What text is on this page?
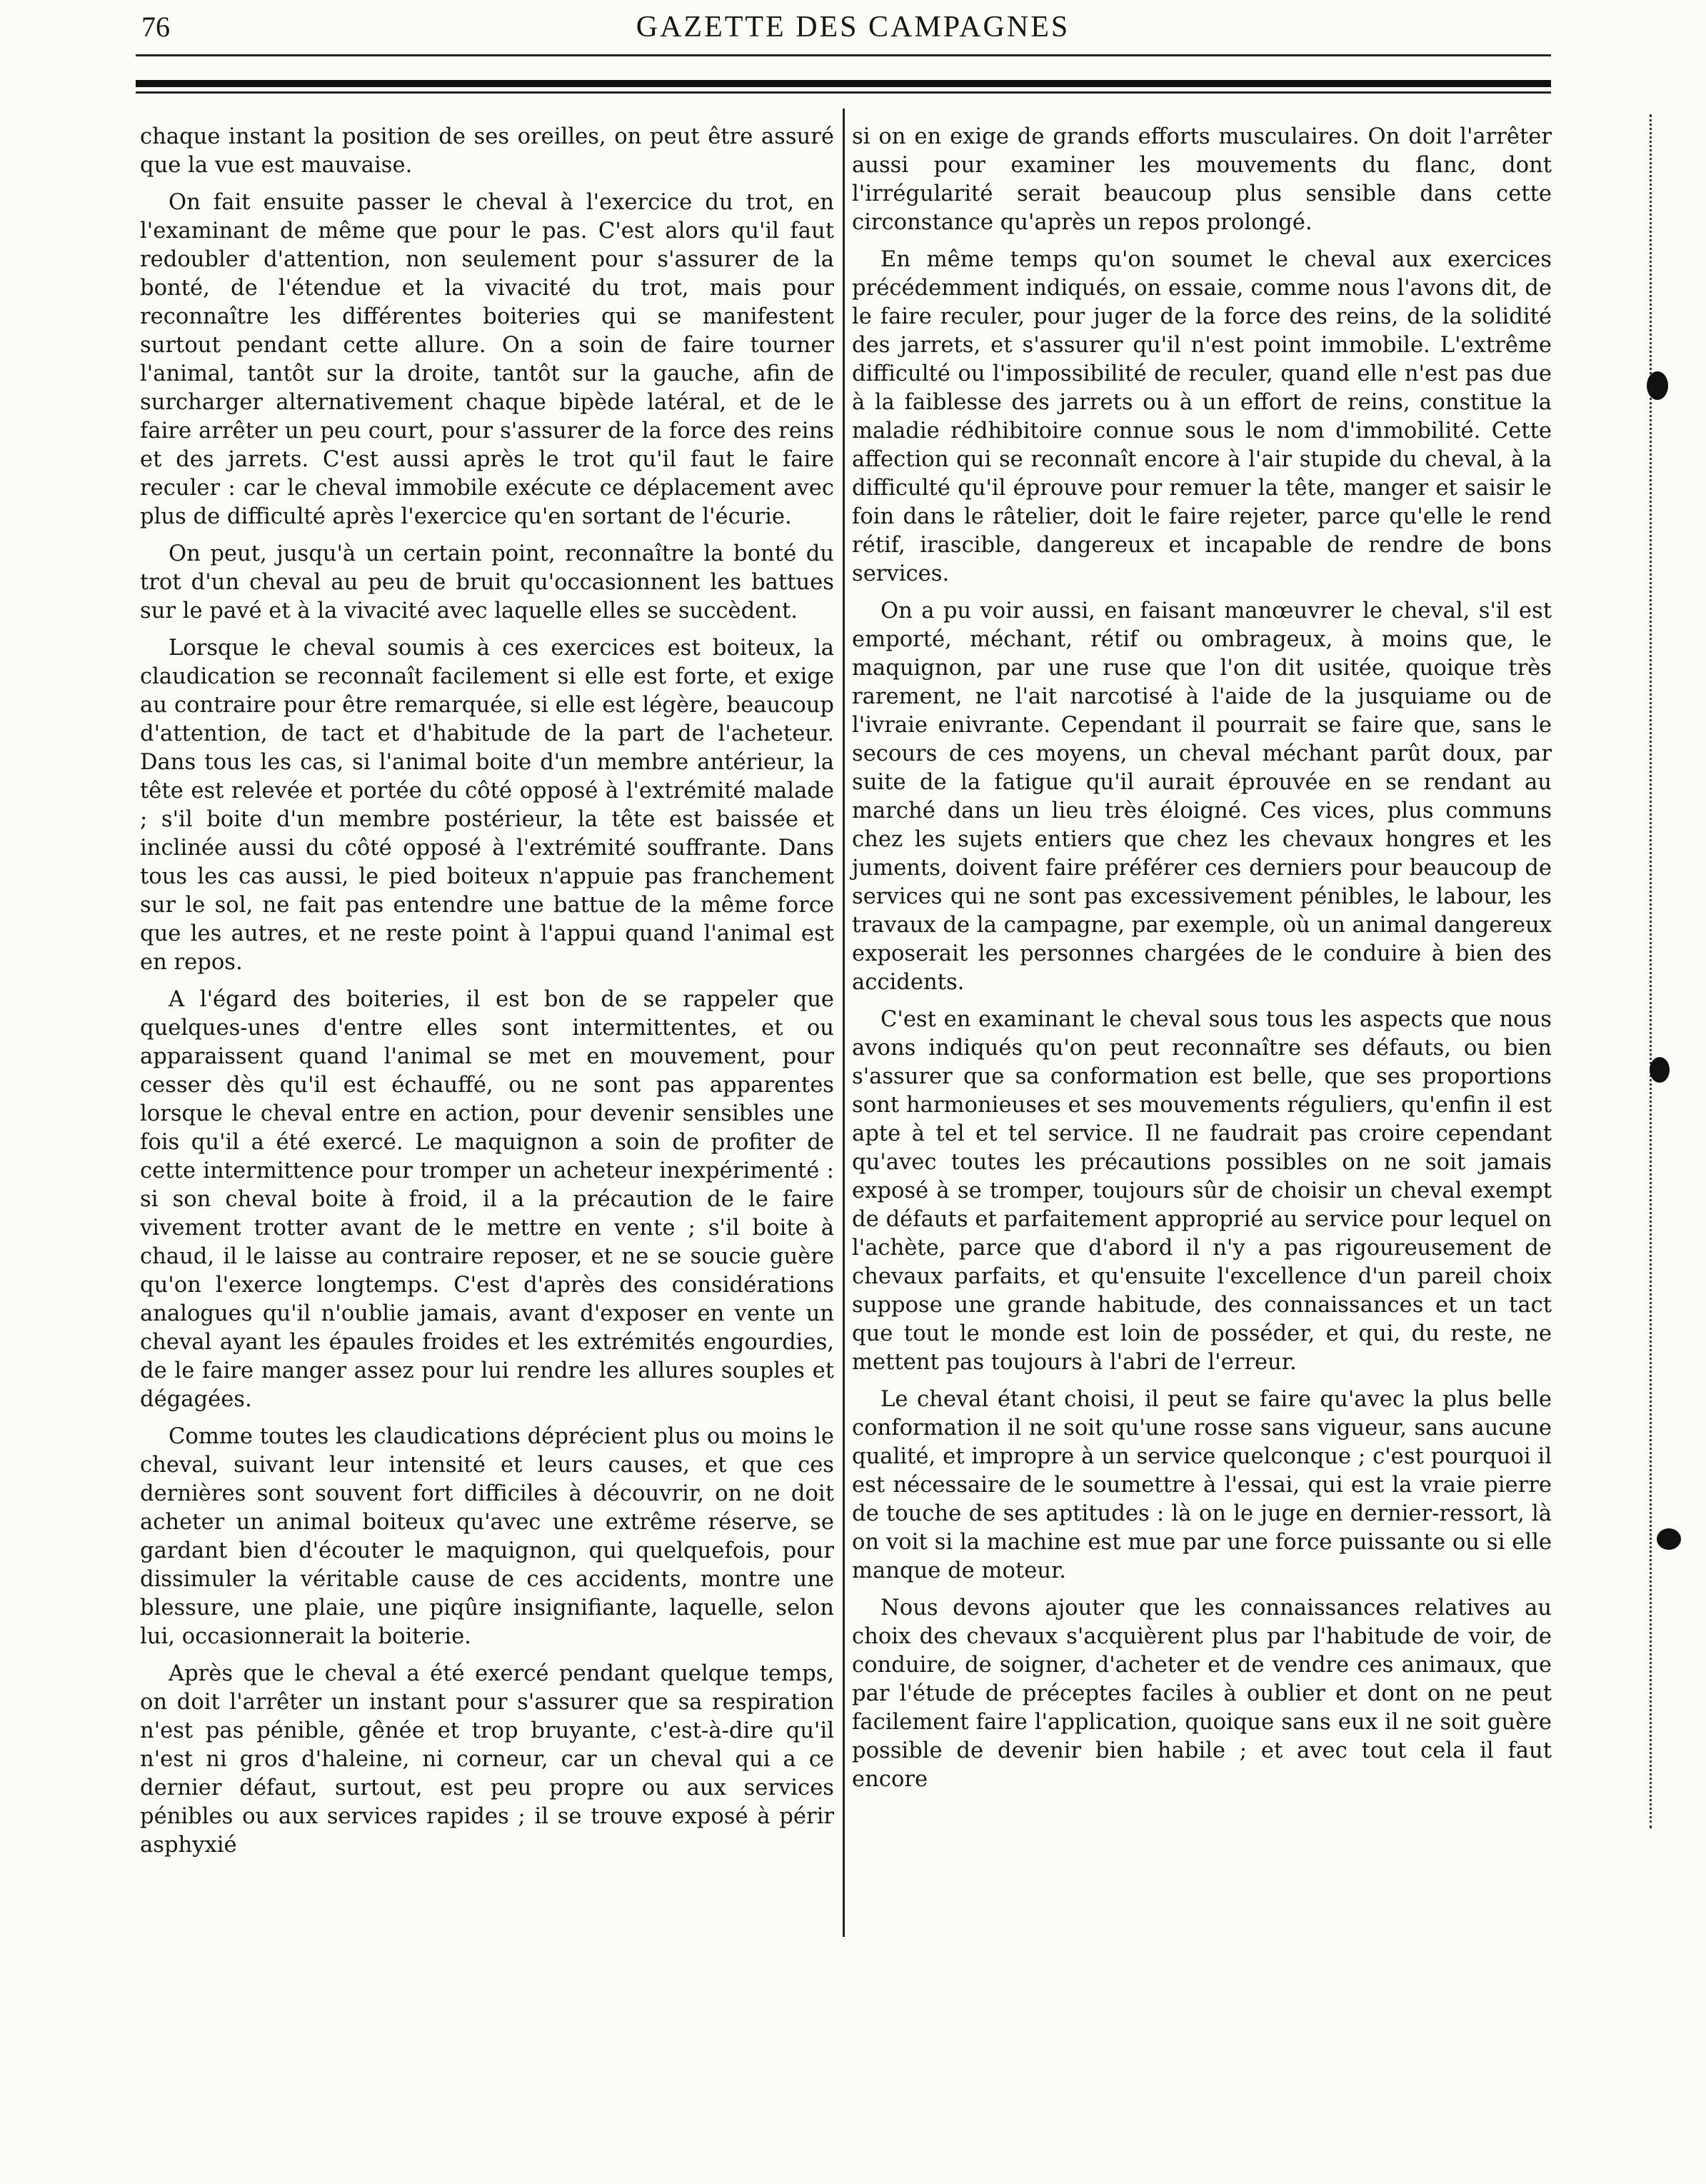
76	GAZETTE DES CAMPAGNES

chaque instant la position de ses oreilles, on peut être assuré que la vue est mauvaise.

On fait ensuite passer le cheval à l'exercice du trot, en l'examinant de même que pour le pas. C'est alors qu'il faut redoubler d'attention, non seulement pour s'assurer de la bonté, de l'étendue et la vivacité du trot, mais pour reconnaître les différentes boiteries qui se manifestent surtout pendant cette allure. On a soin de faire tourner l'animal, tantôt sur la droite, tantôt sur la gauche, afin de surcharger alternativement chaque bipède latéral, et de le faire arrêter un peu court, pour s'assurer de la force des reins et des jarrets. C'est aussi après le trot qu'il faut le faire reculer : car le cheval immobile exécute ce déplacement avec plus de difficulté après l'exercice qu'en sortant de l'écurie.

On peut, jusqu'à un certain point, reconnaître la bonté du trot d'un cheval au peu de bruit qu'occasionnent les battues sur le pavé et à la vivacité avec laquelle elles se succèdent.

Lorsque le cheval soumis à ces exercices est boiteux, la claudication se reconnaît facilement si elle est forte, et exige au contraire pour être remarquée, si elle est légère, beaucoup d'attention, de tact et d'habitude de la part de l'acheteur. Dans tous les cas, si l'animal boite d'un membre antérieur, la tête est relevée et portée du côté opposé à l'extrémité malade ; s'il boite d'un membre postérieur, la tête est baissée et inclinée aussi du côté opposé à l'extrémité souffrante. Dans tous les cas aussi, le pied boiteux n'appuie pas franchement sur le sol, ne fait pas entendre une battue de la même force que les autres, et ne reste point à l'appui quand l'animal est en repos.

A l'égard des boiteries, il est bon de se rappeler que quelques-unes d'entre elles sont intermittentes, et ou apparaissent quand l'animal se met en mouvement, pour cesser dès qu'il est échauffé, ou ne sont pas apparentes lorsque le cheval entre en action, pour devenir sensibles une fois qu'il a été exercé. Le maquignon a soin de profiter de cette intermittence pour tromper un acheteur inexpérimenté : si son cheval boite à froid, il a la précaution de le faire vivement trotter avant de le mettre en vente ; s'il boite à chaud, il le laisse au contraire reposer, et ne se soucie guère qu'on l'exerce longtemps. C'est d'après des considérations analogues qu'il n'oublie jamais, avant d'exposer en vente un cheval ayant les épaules froides et les extrémités engourdies, de le faire manger assez pour lui rendre les allures souples et dégagées.

Comme toutes les claudications déprécient plus ou moins le cheval, suivant leur intensité et leurs causes, et que ces dernières sont souvent fort difficiles à découvrir, on ne doit acheter un animal boiteux qu'avec une extrême réserve, se gardant bien d'écouter le maquignon, qui quelquefois, pour dissimuler la véritable cause de ces accidents, montre une blessure, une plaie, une piqûre insignifiante, laquelle, selon lui, occasionnerait la boiterie.

Après que le cheval a été exercé pendant quelque temps, on doit l'arrêter un instant pour s'assurer que sa respiration n'est pas pénible, gênée et trop bruyante, c'est-à-dire qu'il n'est ni gros d'haleine, ni corneur, car un cheval qui a ce dernier défaut, surtout, est peu propre ou aux services pénibles ou aux services rapides ; il se trouve exposé à périr asphyxié

si on en exige de grands efforts musculaires. On doit l'arrêter aussi pour examiner les mouvements du flanc, dont l'irrégularité serait beaucoup plus sensible dans cette circonstance qu'après un repos prolongé.

En même temps qu'on soumet le cheval aux exercices précédemment indiqués, on essaie, comme nous l'avons dit, de le faire reculer, pour juger de la force des reins, de la solidité des jarrets, et s'assurer qu'il n'est point immobile. L'extrême difficulté ou l'impossibilité de reculer, quand elle n'est pas due à la faiblesse des jarrets ou à un effort de reins, constitue la maladie rédhibitoire connue sous le nom d'immobilité. Cette affection qui se reconnaît encore à l'air stupide du cheval, à la difficulté qu'il éprouve pour remuer la tête, manger et saisir le foin dans le râtelier, doit le faire rejeter, parce qu'elle le rend rétif, irascible, dangereux et incapable de rendre de bons services.

On a pu voir aussi, en faisant manœuvrer le cheval, s'il est emporté, méchant, rétif ou ombrageux, à moins que, le maquignon, par une ruse que l'on dit usitée, quoique très rarement, ne l'ait narcotisé à l'aide de la jusquiame ou de l'ivraie enivrante. Cependant il pourrait se faire que, sans le secours de ces moyens, un cheval méchant parût doux, par suite de la fatigue qu'il aurait éprouvée en se rendant au marché dans un lieu très éloigné. Ces vices, plus communs chez les sujets entiers que chez les chevaux hongres et les juments, doivent faire préférer ces derniers pour beaucoup de services qui ne sont pas excessivement pénibles, le labour, les travaux de la campagne, par exemple, où un animal dangereux exposerait les personnes chargées de le conduire à bien des accidents.

C'est en examinant le cheval sous tous les aspects que nous avons indiqués qu'on peut reconnaître ses défauts, ou bien s'assurer que sa conformation est belle, que ses proportions sont harmonieuses et ses mouvements réguliers, qu'enfin il est apte à tel et tel service. Il ne faudrait pas croire cependant qu'avec toutes les précautions possibles on ne soit jamais exposé à se tromper, toujours sûr de choisir un cheval exempt de défauts et parfaitement approprié au service pour lequel on l'achète, parce que d'abord il n'y a pas rigoureusement de chevaux parfaits, et qu'ensuite l'excellence d'un pareil choix suppose une grande habitude, des connaissances et un tact que tout le monde est loin de posséder, et qui, du reste, ne mettent pas toujours à l'abri de l'erreur.

Le cheval étant choisi, il peut se faire qu'avec la plus belle conformation il ne soit qu'une rosse sans vigueur, sans aucune qualité, et impropre à un service quelconque ; c'est pourquoi il est nécessaire de le soumettre à l'essai, qui est la vraie pierre de touche de ses aptitudes : là on le juge en dernier-ressort, là on voit si la machine est mue par une force puissante ou si elle manque de moteur.

Nous devons ajouter que les connaissances relatives au choix des chevaux s'acquièrent plus par l'habitude de voir, de conduire, de soigner, d'acheter et de vendre ces animaux, que par l'étude de préceptes faciles à oublier et dont on ne peut facilement faire l'application, quoique sans eux il ne soit guère possible de devenir bien habile ; et avec tout cela il faut encore
